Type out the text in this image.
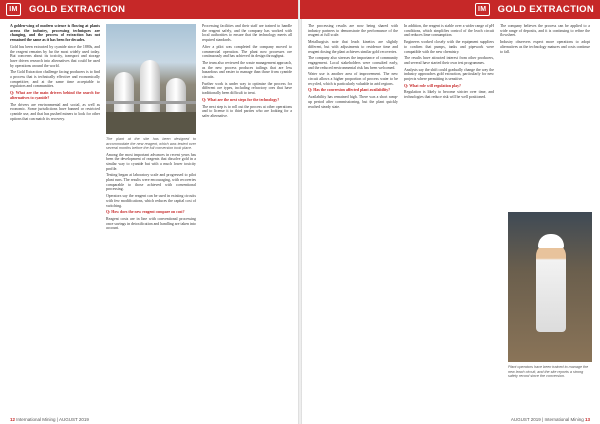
IM GOLD EXTRACTION

A golden-wing of modern science is flowing at plants across the industry, processing techniques are changing, and the process of extraction has not remained the same as it has been for decades.

Gold has been extracted by cyanide since the 1880s, and the reagent remains by far the most widely used today. But concerns about its toxicity, transport and storage have driven research into alternatives that could be used by operations around the world.

The Gold Extraction challenge facing producers is to find a process that is technically effective and economically competitive, and at the same time acceptable to regulators and communities.

Q: What are the main drivers behind the search for alternatives to cyanide?

The drivers are environmental and social, as well as economic. Some jurisdictions have banned or restricted cyanide use, and that has pushed miners to look for other options that can match its recovery.

The plant at the site has been designed to accommodate the new reagent, which was tested over several months before the full conversion took place.

Among the most important advances in recent years has been the development of reagents that dissolve gold in a similar way to cyanide but with a much lower toxicity profile.

Testing began at laboratory scale and progressed to pilot plant runs. The results were encouraging, with recoveries comparable to those achieved with conventional processing.

Operators say the reagent can be used in existing circuits with few modifications, which reduces the capital cost of switching.

Q: How does the new reagent compare on cost?

Reagent costs are in line with conventional processing once savings in detoxification and handling are taken into account.

Processing facilities and their staff are trained to handle the reagent safely, and the company has worked with local authorities to ensure that the technology meets all required standards.

After a pilot was completed the company moved to commercial operation. The plant now processes ore continuously and has achieved its design throughput.

The team also reviewed the waste management approach, as the new process produces tailings that are less hazardous and easier to manage than those from cyanide circuits.

Further work is under way to optimise the process for different ore types, including refractory ores that have traditionally been difficult to treat.

Q: What are the next steps for the technology?

The next step is to roll out the process at other operations and to license it to third parties who are looking for a safer alternative.

12 International Mining | AUGUST 2019
IM GOLD EXTRACTION

The processing results are now being shared with industry partners to demonstrate the performance of the reagent at full scale.

Metallurgists note that leach kinetics are slightly different, but with adjustments to residence time and reagent dosing the plant achieves similar gold recoveries.

The company also stresses the importance of community engagement. Local stakeholders were consulted early, and the reduced environmental risk has been welcomed.

Water use is another area of improvement. The new circuit allows a higher proportion of process water to be recycled, which is particularly valuable in arid regions.

Q: Has the conversion affected plant availability?

Availability has remained high. There was a short ramp-up period after commissioning, but the plant quickly reached steady state.

In addition, the reagent is stable over a wider range of pH conditions, which simplifies control of the leach circuit and reduces lime consumption.

Engineers worked closely with the equipment suppliers to confirm that pumps, tanks and pipework were compatible with the new chemistry.

The results have attracted interest from other producers, and several have started their own test programmes.

Analysts say the shift could gradually change the way the industry approaches gold extraction, particularly for new projects where permitting is sensitive.

Q: What role will regulation play?

Regulation is likely to become stricter over time, and technologies that reduce risk will be well positioned.

The company believes the process can be applied to a wide range of deposits, and it is continuing to refine the flowsheet.

Industry observers expect more operations to adopt alternatives as the technology matures and costs continue to fall.

Plant operators have been trained to manage the new leach circuit, and the site reports a strong safety record since the conversion.

AUGUST 2019 | International Mining 13
